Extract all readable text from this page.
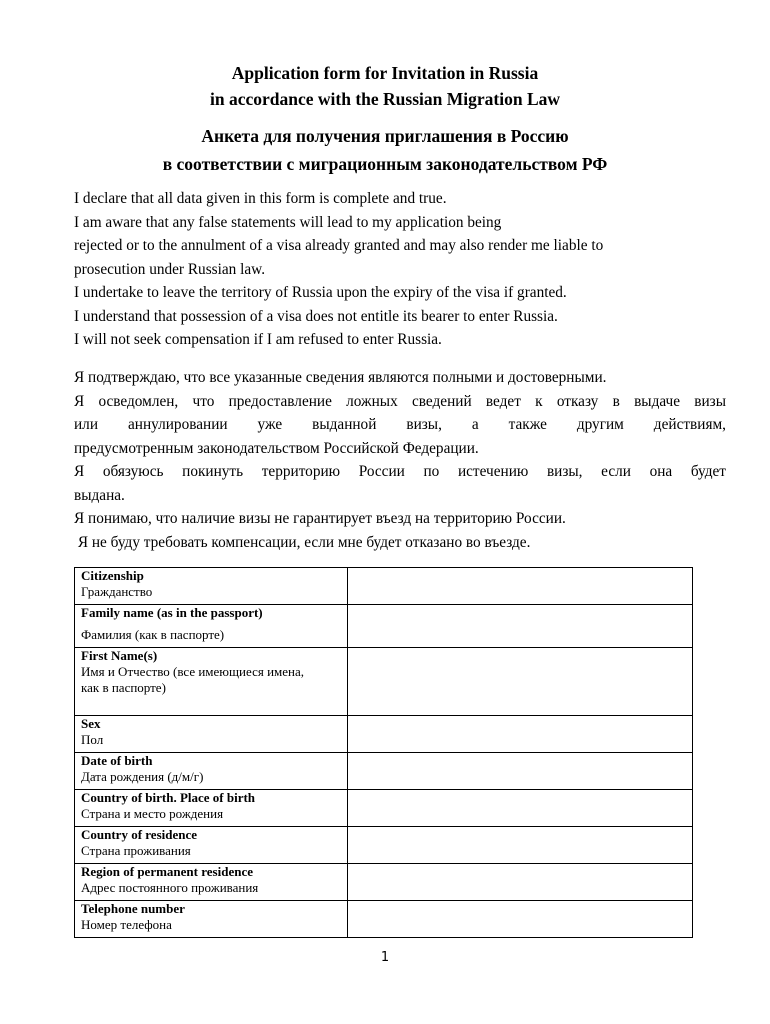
Application form for Invitation in Russia
in accordance with the Russian Migration Law
Анкета для получения приглашения в Россию
в соответствии с миграционным законодательством РФ
I declare that all data given in this form is complete and true.
I am aware that any false statements will lead to my application being
rejected or to the annulment of a visa already granted and may also render me liable to
prosecution under Russian law.
I undertake to leave the territory of Russia upon the expiry of the visa if granted.
I understand that possession of a visa does not entitle its bearer to enter Russia.
I will not seek compensation if I am refused to enter Russia.
Я подтверждаю, что все указанные сведения являются полными и достоверными.
Я осведомлен, что предоставление ложных сведений ведет к отказу в выдаче визы
или аннулировании уже выданной визы, а также другим действиям,
предусмотренным законодательством Российской Федерации.
Я обязуюсь покинуть территорию России по истечению визы, если она будет
выдана.
Я понимаю, что наличие визы не гарантирует въезд на территорию России.
Я не буду требовать компенсации, если мне будет отказано во въезде.
Citizenship
Гражданство	

Family name (as in the passport)
Фамилия (как в паспорте)	

First Name(s)
Имя и Отчество (все имеющиеся имена, как в паспорте)	

Sex
Пол	

Date of birth
Дата рождения (д/м/г)	

Country of birth. Place of birth
Страна и место рождения	

Country of residence
Страна проживания	

Region of permanent residence
Адрес постоянного проживания	

Telephone number
Номер телефона	

1
